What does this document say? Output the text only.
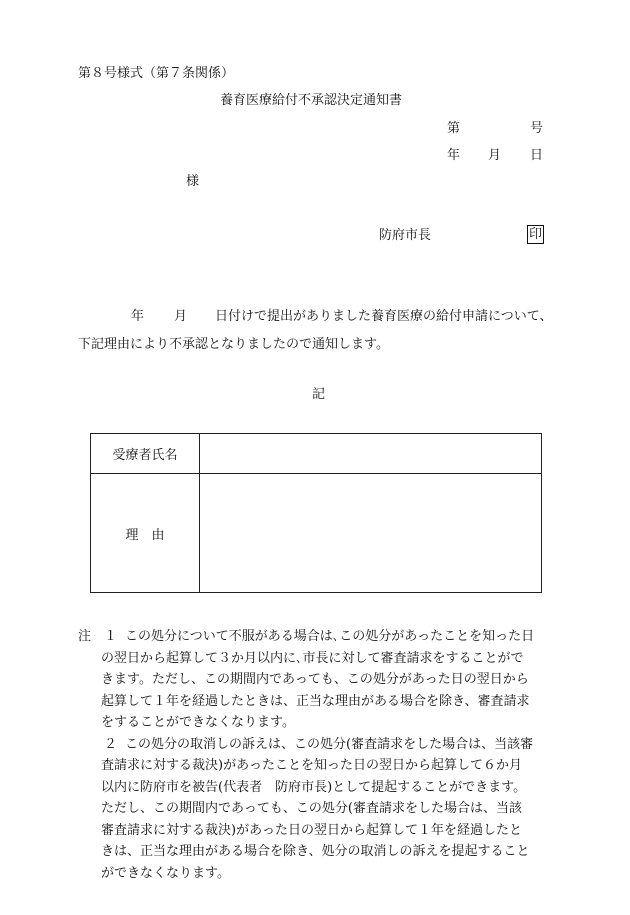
第８号様式（第７条関係）
養育医療給付不承認決定通知書
第	号
年 月 日
様
防府市長	印
年 月 日付けで提出がありました養育医療の給付申請について、
下記理由により不承認となりましたので通知します。
記
受療者氏名	
理　由	
注 １ この処分について不服がある場合は､この処分があったことを知った日
の翌日から起算して３か月以内に､市長に対して審査請求をすることがで
きます。ただし、この期間内であっても、この処分があった日の翌日から
起算して１年を経過したときは、正当な理由がある場合を除き、審査請求
をすることができなくなります。
２ この処分の取消しの訴えは、この処分(審査請求をした場合は、当該審
査請求に対する裁決)があったことを知った日の翌日から起算して６か月
以内に防府市を被告(代表者　防府市長)として提起することができます。
ただし、この期間内であっても、この処分(審査請求をした場合は、当該
審査請求に対する裁決)があった日の翌日から起算して１年を経過したと
きは、正当な理由がある場合を除き、処分の取消しの訴えを提起すること
ができなくなります。
